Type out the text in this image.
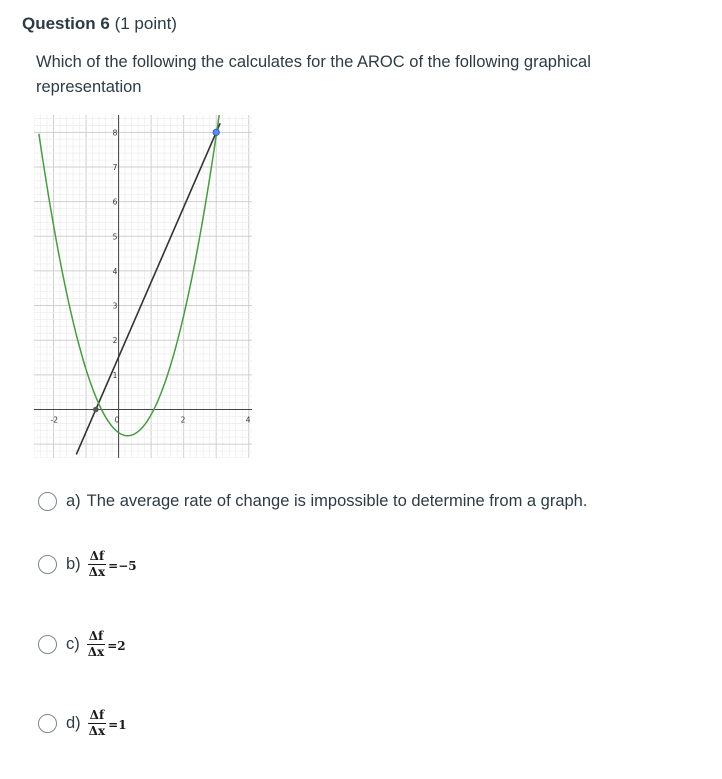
Question 6 (1 point)
Which of the following the calculates for the AROC of the following graphical representation
-2	0	2	4
1
2
3
4
5
6
7
8
a) The average rate of change is impossible to determine from a graph.
$b) \frac{\Delta f}{\Delta x} =-5$
$c) \frac{\Delta f}{\Delta x} =2$
$d) \frac{\Delta f}{\Delta x} =1$
